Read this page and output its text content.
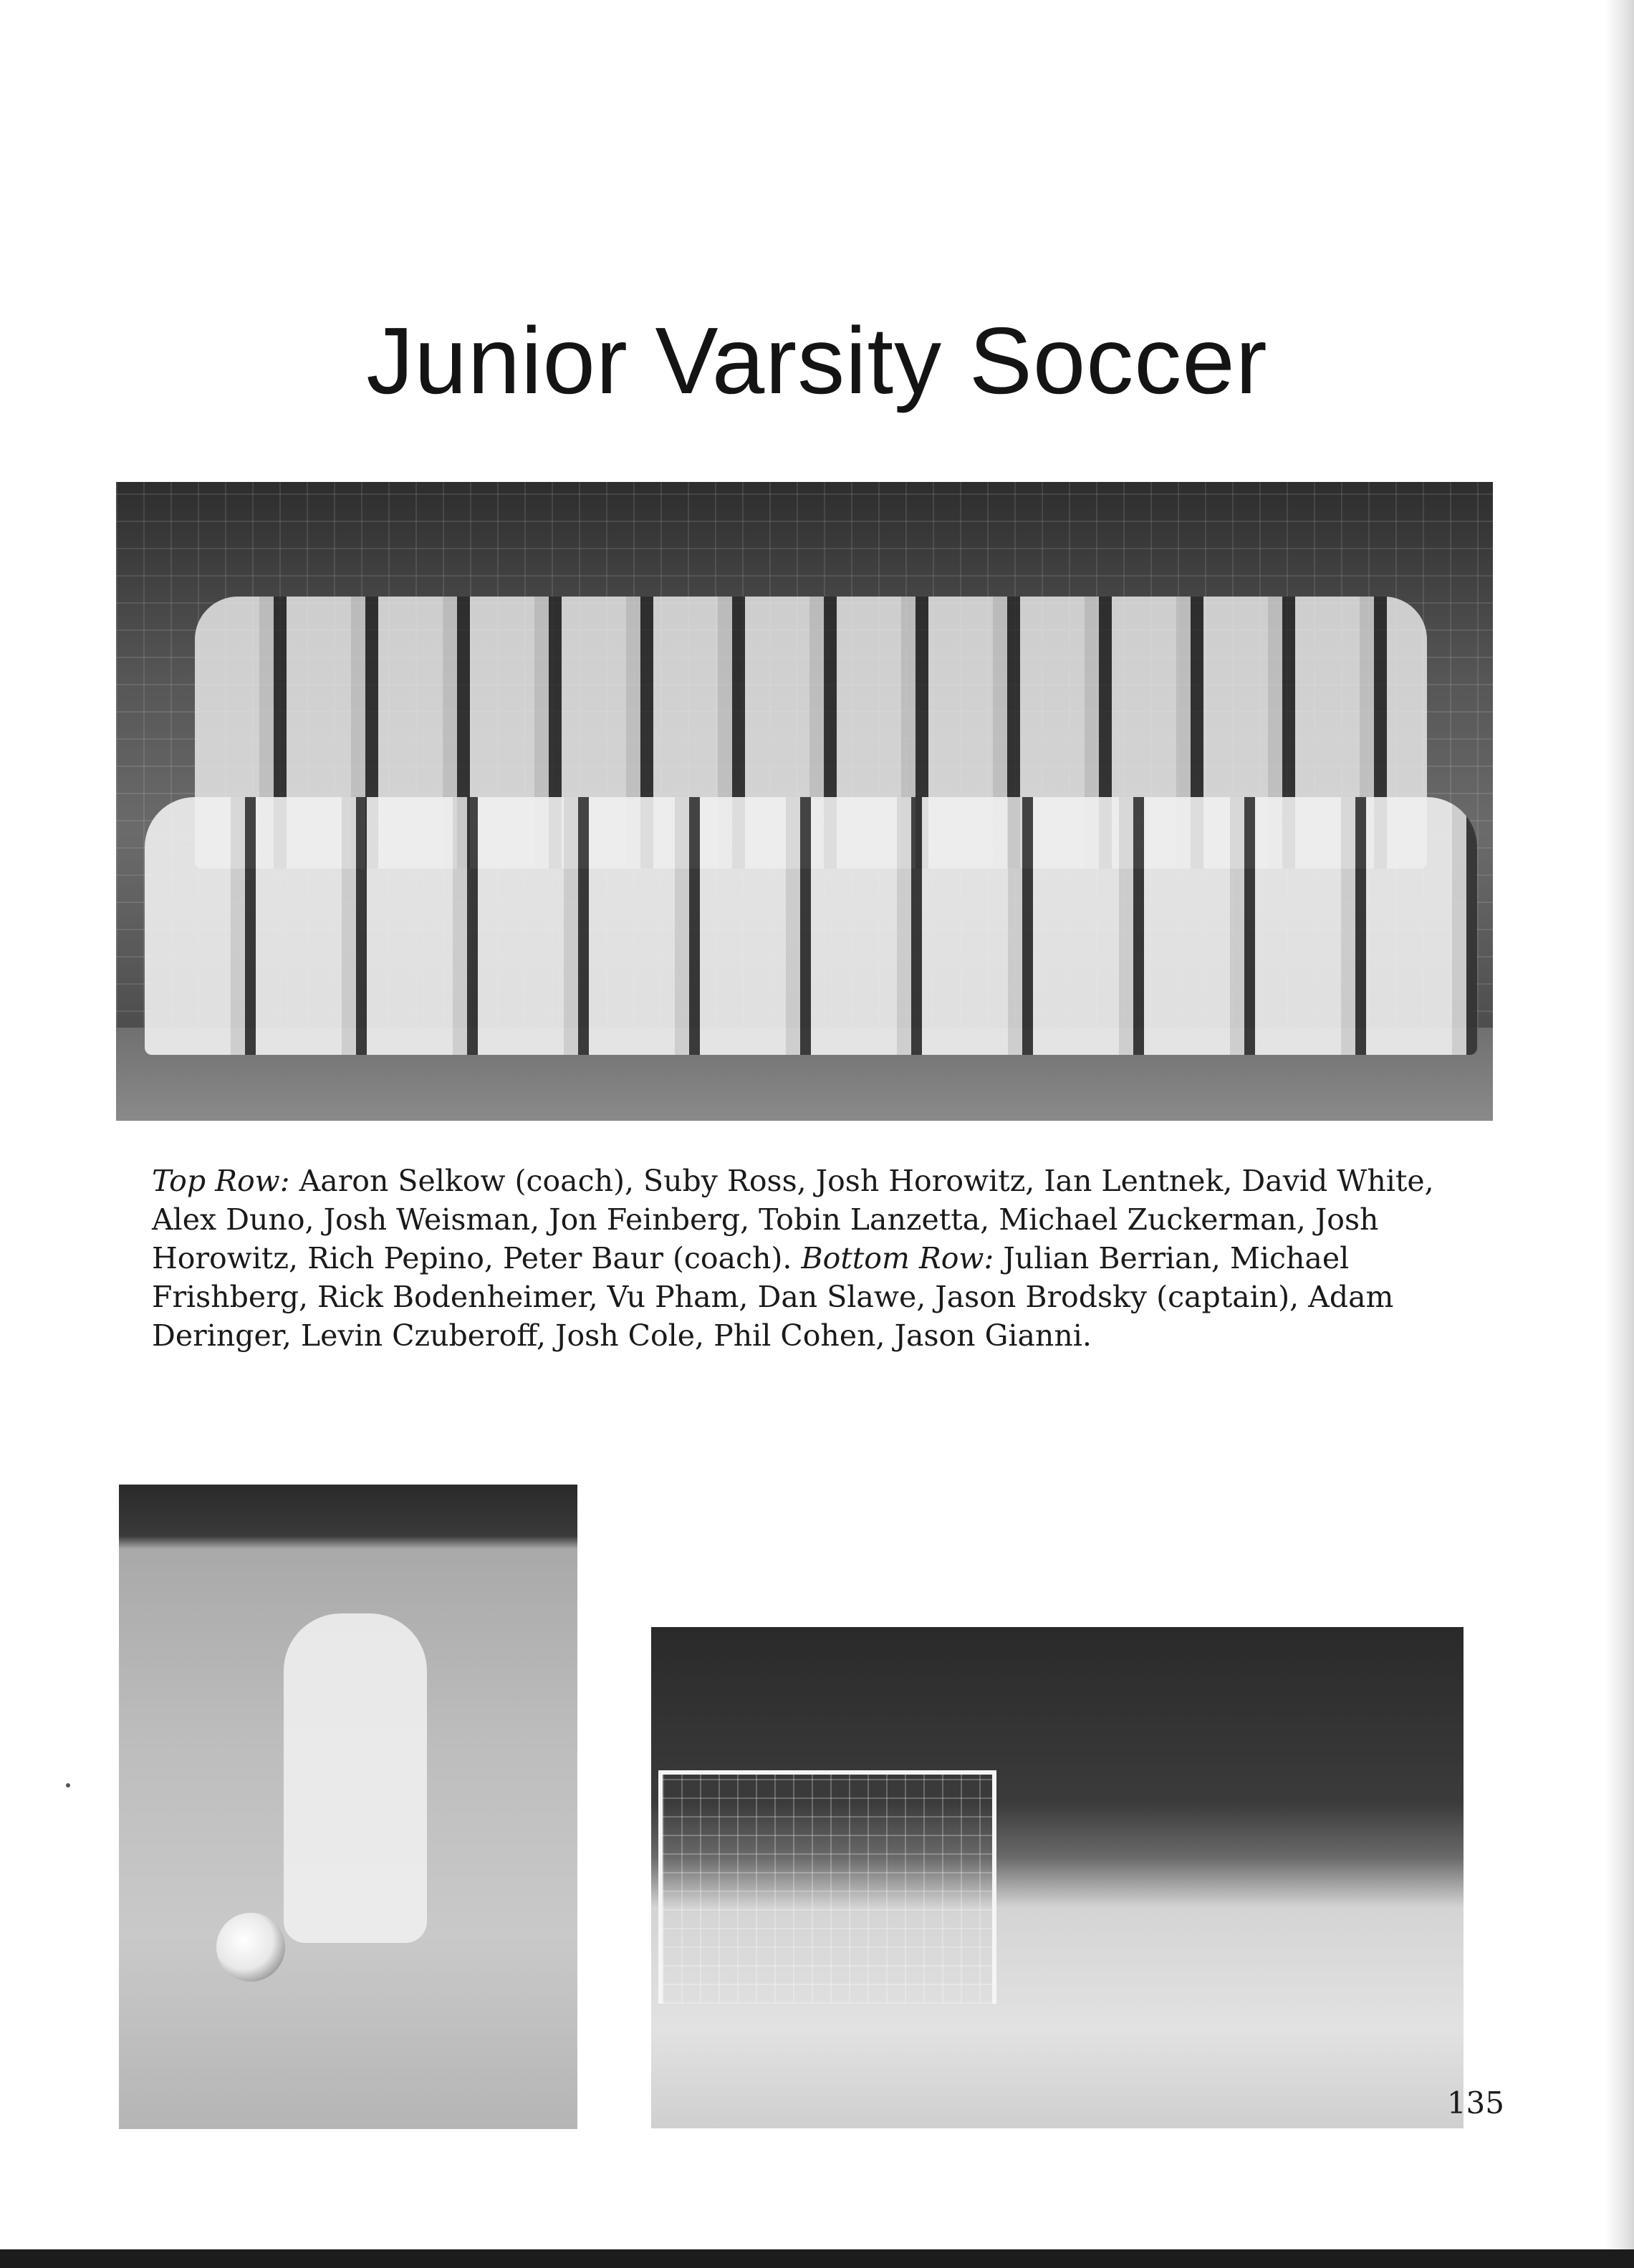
Junior Varsity Soccer

Top Row: Aaron Selkow (coach), Suby Ross, Josh Horowitz, Ian Lentnek, David White, Alex Duno, Josh Weisman, Jon Feinberg, Tobin Lanzetta, Michael Zuckerman, Josh Horowitz, Rich Pepino, Peter Baur (coach). Bottom Row: Julian Berrian, Michael Frishberg, Rick Bodenheimer, Vu Pham, Dan Slawe, Jason Brodsky (captain), Adam Deringer, Levin Czuberoff, Josh Cole, Phil Cohen, Jason Gianni.

135
